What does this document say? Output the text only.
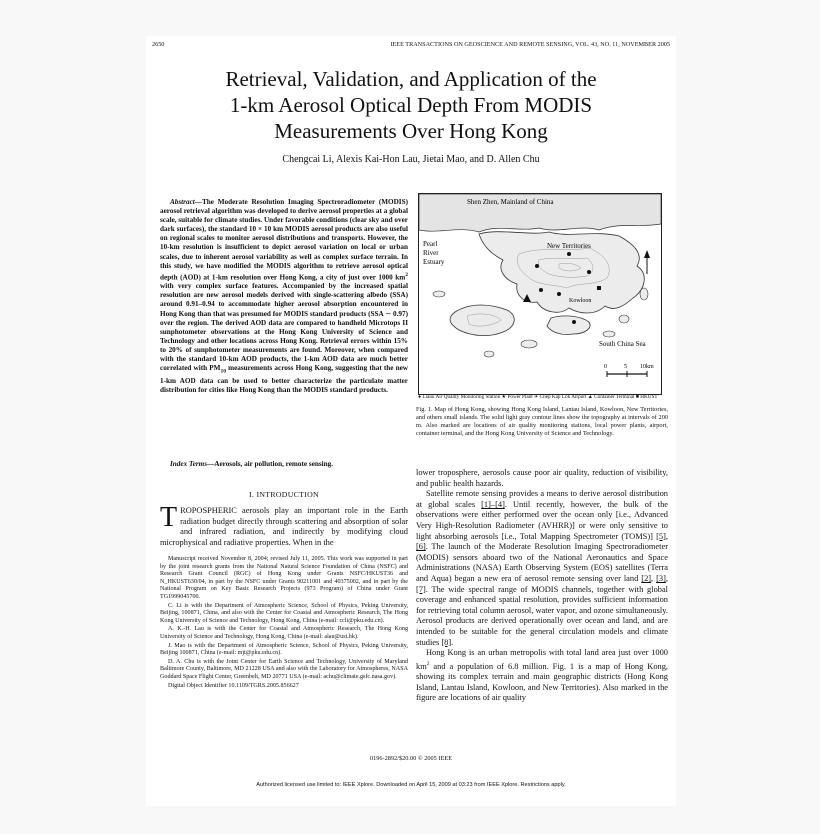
2650	IEEE TRANSACTIONS ON GEOSCIENCE AND REMOTE SENSING, VOL. 43, NO. 11, NOVEMBER 2005
Retrieval, Validation, and Application of the
1-km Aerosol Optical Depth From MODIS
Measurements Over Hong Kong
Chengcai Li, Alexis Kai-Hon Lau, Jietai Mao, and D. Allen Chu
Abstract—The Moderate Resolution Imaging Spectroradiometer (MODIS) aerosol retrieval algorithm was developed to derive aerosol properties at a global scale, suitable for climate studies. Under favorable conditions (clear sky and over dark surfaces), the standard 10 × 10 km MODIS aerosol products are also useful on regional scales to monitor aerosol distributions and transports. However, the 10-km resolution is insufficient to depict aerosol variation on local or urban scales, due to inherent aerosol variability as well as complex surface terrain. In this study, we have modified the MODIS algorithm to retrieve aerosol optical depth (AOD) at 1-km resolution over Hong Kong, a city of just over 1000 $km^2$ with very complex surface features. Accompanied by the increased spatial resolution are new aerosol models derived with single-scattering albedo (SSA) around 0.91–0.94 to accommodate higher aerosol absorption encountered in Hong Kong than that was presumed for MODIS standard products (SSA ∼ 0.97) over the region. The derived AOD data are compared to handheld Microtops II sunphotometer observations at the Hong Kong University of Science and Technology and other locations across Hong Kong. Retrieval errors within 15% to 20% of sunphotometer measurements are found. Moreover, when compared with the standard 10-km AOD products, the 1-km AOD data are much better correlated with $PM_{10}$ measurements across Hong Kong, suggesting that the new 1-km AOD data can be used to better characterize the particulate matter distribution for cities like Hong Kong than the MODIS standard products.
Index Terms—Aerosols, air pollution, remote sensing.
I. INTRODUCTION
TROPOSPHERIC aerosols play an important role in the Earth radiation budget directly through scattering and absorption of solar and infrared radiation, and indirectly by modifying cloud microphysical and radiative properties. When in the

Manuscript received November 8, 2004; revised July 11, 2005. This work was supported in part by the joint research grants from the National Natural Science Foundation of China (NSFC) and Research Grant Council (RGC) of Hong Kong under Grants NSFC/HKUST36 and N_HKUST630/04, in part by the NSFC under Grants 90211001 and 40375002, and in part by the National Program on Key Basic Research Projects (973 Program) of China under Grant TG1999045700.

C. Li is with the Department of Atmospheric Science, School of Physics, Peking University, Beijing, 100871, China, and also with the Center for Coastal and Atmospheric Research, The Hong Kong University of Science and Technology, Hong Kong, China (e-mail: ccli@pku.edu.cn).

A. K.-H. Lau is with the Center for Coastal and Atmospheric Research, The Hong Kong University of Science and Technology, Hong Kong, China (e-mail: alau@ust.hk).

J. Mao is with the Department of Atmospheric Science, School of Physics, Peking University, Beijing 100871, China (e-mail: mjt@pku.edu.cn).

D. A. Chu is with the Joint Center for Earth Science and Technology, University of Maryland Baltimore County, Baltimore, MD 21228 USA and also with the Laboratory for Atmospheres, NASA Goddard Space Flight Center, Greenbelt, MD 20771 USA (e-mail: achu@climate.gsfc.nasa.gov).

Digital Object Identifier 10.1109/TGRS.2005.856627

Shen Zhen, Mainland of China
Pearl
River
Estuary
New Territories
Kowloon
South China Sea
0	5 10km
● Lianu Air Quality Monitoring Station ★ Power Plant ✈ Chep Kap Lok Airport ▲ Container Terminal ■ HKUST
Fig. 1. Map of Hong Kong, showing Hong Kong Island, Lantau Island, Kowloon, New Territories, and others small islands. The solid light gray contour lines show the topography at intervals of 200 m. Also marked are locations of air quality monitoring stations, local power plants, airport, container terminal, and the Hong Kong University of Science and Technology.

lower troposphere, aerosols cause poor air quality, reduction of visibility, and public health hazards.

Satellite remote sensing provides a means to derive aerosol distribution at global scales [1]–[4]. Until recently, however, the bulk of the observations were either performed over the ocean only [i.e., Advanced Very High-Resolution Radiometer (AVHRR)] or were only sensitive to light absorbing aerosols [i.e., Total Mapping Spectrometer (TOMS)] [5], [6]. The launch of the Moderate Resolution Imaging Spectroradiometer (MODIS) sensors aboard two of the National Aeronautics and Space Administrations (NASA) Earth Observing System (EOS) satellites (Terra and Aqua) began a new era of aerosol remote sensing over land [2], [3], [7]. The wide spectral range of MODIS channels, together with global coverage and enhanced spatial resolution, provides sufficient information for retrieving total column aerosol, water vapor, and ozone simultaneously. Aerosol products are derived operationally over ocean and land, and are intended to be suitable for the general circulation models and climate studies [8].

Hong Kong is an urban metropolis with total land area just over 1000 $km^2$ and a population of 6.8 million. Fig. 1 is a map of Hong Kong, showing its complex terrain and main geographic districts (Hong Kong Island, Lantau Island, Kowloon, and New Territories). Also marked in the figure are locations of air quality

0196-2892/$20.00 © 2005 IEEE
Authorized licensed use limited to: IEEE Xplore. Downloaded on April 15, 2009 at 03:23 from IEEE Xplore. Restrictions apply.
